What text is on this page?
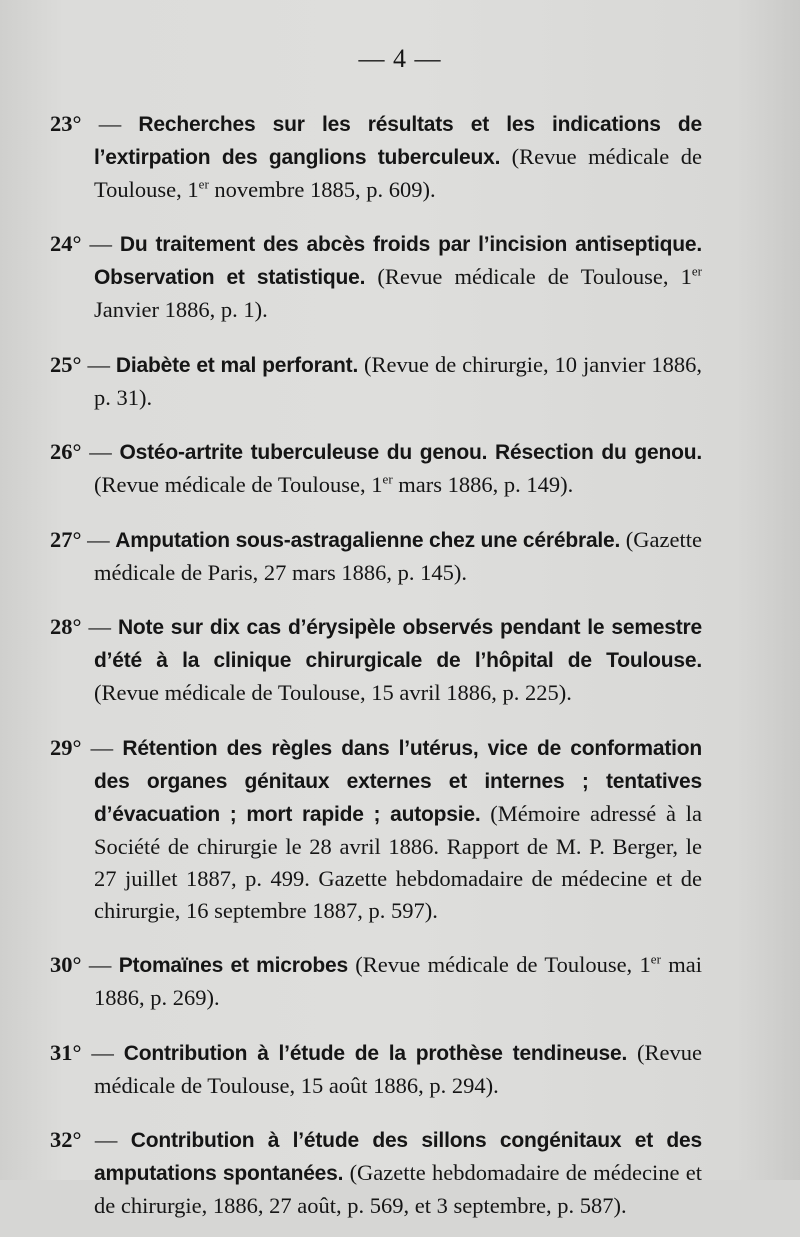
— 4 —

23° — Recherches sur les résultats et les indications de l’extirpation des ganglions tuberculeux. (Revue médicale de Toulouse, 1er novembre 1885, p. 609).

24° — Du traitement des abcès froids par l’incision antiseptique. Observation et statistique. (Revue médicale de Toulouse, 1er Janvier 1886, p. 1).

25° — Diabète et mal perforant. (Revue de chirurgie, 10 janvier 1886, p. 31).

26° — Ostéo-artrite tuberculeuse du genou. Résection du genou. (Revue médicale de Toulouse, 1er mars 1886, p. 149).

27° — Amputation sous-astragalienne chez une cérébrale. (Gazette médicale de Paris, 27 mars 1886, p. 145).

28° — Note sur dix cas d’érysipèle observés pendant le semestre d’été à la clinique chirurgicale de l’hôpital de Toulouse. (Revue médicale de Toulouse, 15 avril 1886, p. 225).

29° — Rétention des règles dans l’utérus, vice de conformation des organes génitaux externes et internes ; tentatives d’évacuation ; mort rapide ; autopsie. (Mémoire adressé à la Société de chirurgie le 28 avril 1886. Rapport de M. P. Berger, le 27 juillet 1887, p. 499. Gazette hebdomadaire de médecine et de chirurgie, 16 septembre 1887, p. 597).

30° — Ptomaïnes et microbes (Revue médicale de Toulouse, 1er mai 1886, p. 269).

31° — Contribution à l’étude de la prothèse tendineuse. (Revue médicale de Toulouse, 15 août 1886, p. 294).

32° — Contribution à l’étude des sillons congénitaux et des amputations spontanées. (Gazette hebdomadaire de médecine et de chirurgie, 1886, 27 août, p. 569, et 3 septembre, p. 587).
